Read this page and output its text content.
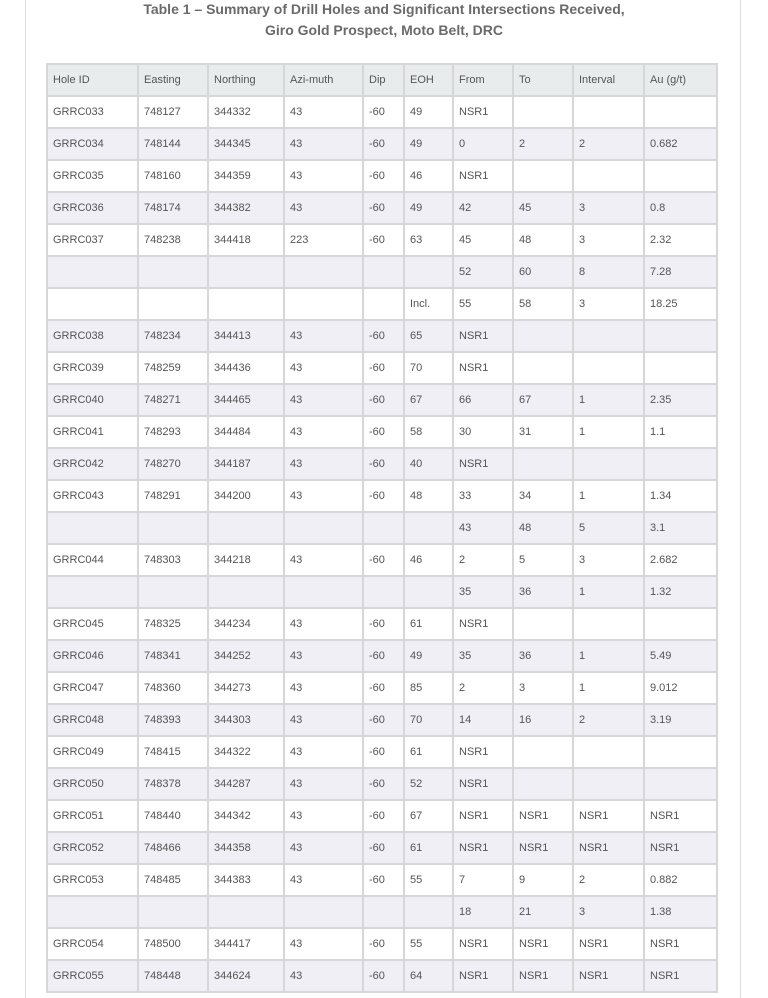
Table 1 – Summary of Drill Holes and Significant Intersections Received,
Giro Gold Prospect, Moto Belt, DRC
Hole ID	Easting	Northing	Azi-muth	Dip	EOH	From	To	Interval	Au (g/t)
GRRC033	748127	344332	43	-60	49	NSR1			
GRRC034	748144	344345	43	-60	49	0	2	2	0.682
GRRC035	748160	344359	43	-60	46	NSR1			
GRRC036	748174	344382	43	-60	49	42	45	3	0.8
GRRC037	748238	344418	223	-60	63	45	48	3	2.32
						52	60	8	7.28
					Incl.	55	58	3	18.25
GRRC038	748234	344413	43	-60	65	NSR1			
GRRC039	748259	344436	43	-60	70	NSR1			
GRRC040	748271	344465	43	-60	67	66	67	1	2.35
GRRC041	748293	344484	43	-60	58	30	31	1	1.1
GRRC042	748270	344187	43	-60	40	NSR1			
GRRC043	748291	344200	43	-60	48	33	34	1	1.34
						43	48	5	3.1
GRRC044	748303	344218	43	-60	46	2	5	3	2.682
						35	36	1	1.32
GRRC045	748325	344234	43	-60	61	NSR1			
GRRC046	748341	344252	43	-60	49	35	36	1	5.49
GRRC047	748360	344273	43	-60	85	2	3	1	9.012
GRRC048	748393	344303	43	-60	70	14	16	2	3.19
GRRC049	748415	344322	43	-60	61	NSR1			
GRRC050	748378	344287	43	-60	52	NSR1			
GRRC051	748440	344342	43	-60	67	NSR1	NSR1	NSR1	NSR1
GRRC052	748466	344358	43	-60	61	NSR1	NSR1	NSR1	NSR1
GRRC053	748485	344383	43	-60	55	7	9	2	0.882
						18	21	3	1.38
GRRC054	748500	344417	43	-60	55	NSR1	NSR1	NSR1	NSR1
GRRC055	748448	344624	43	-60	64	NSR1	NSR1	NSR1	NSR1
